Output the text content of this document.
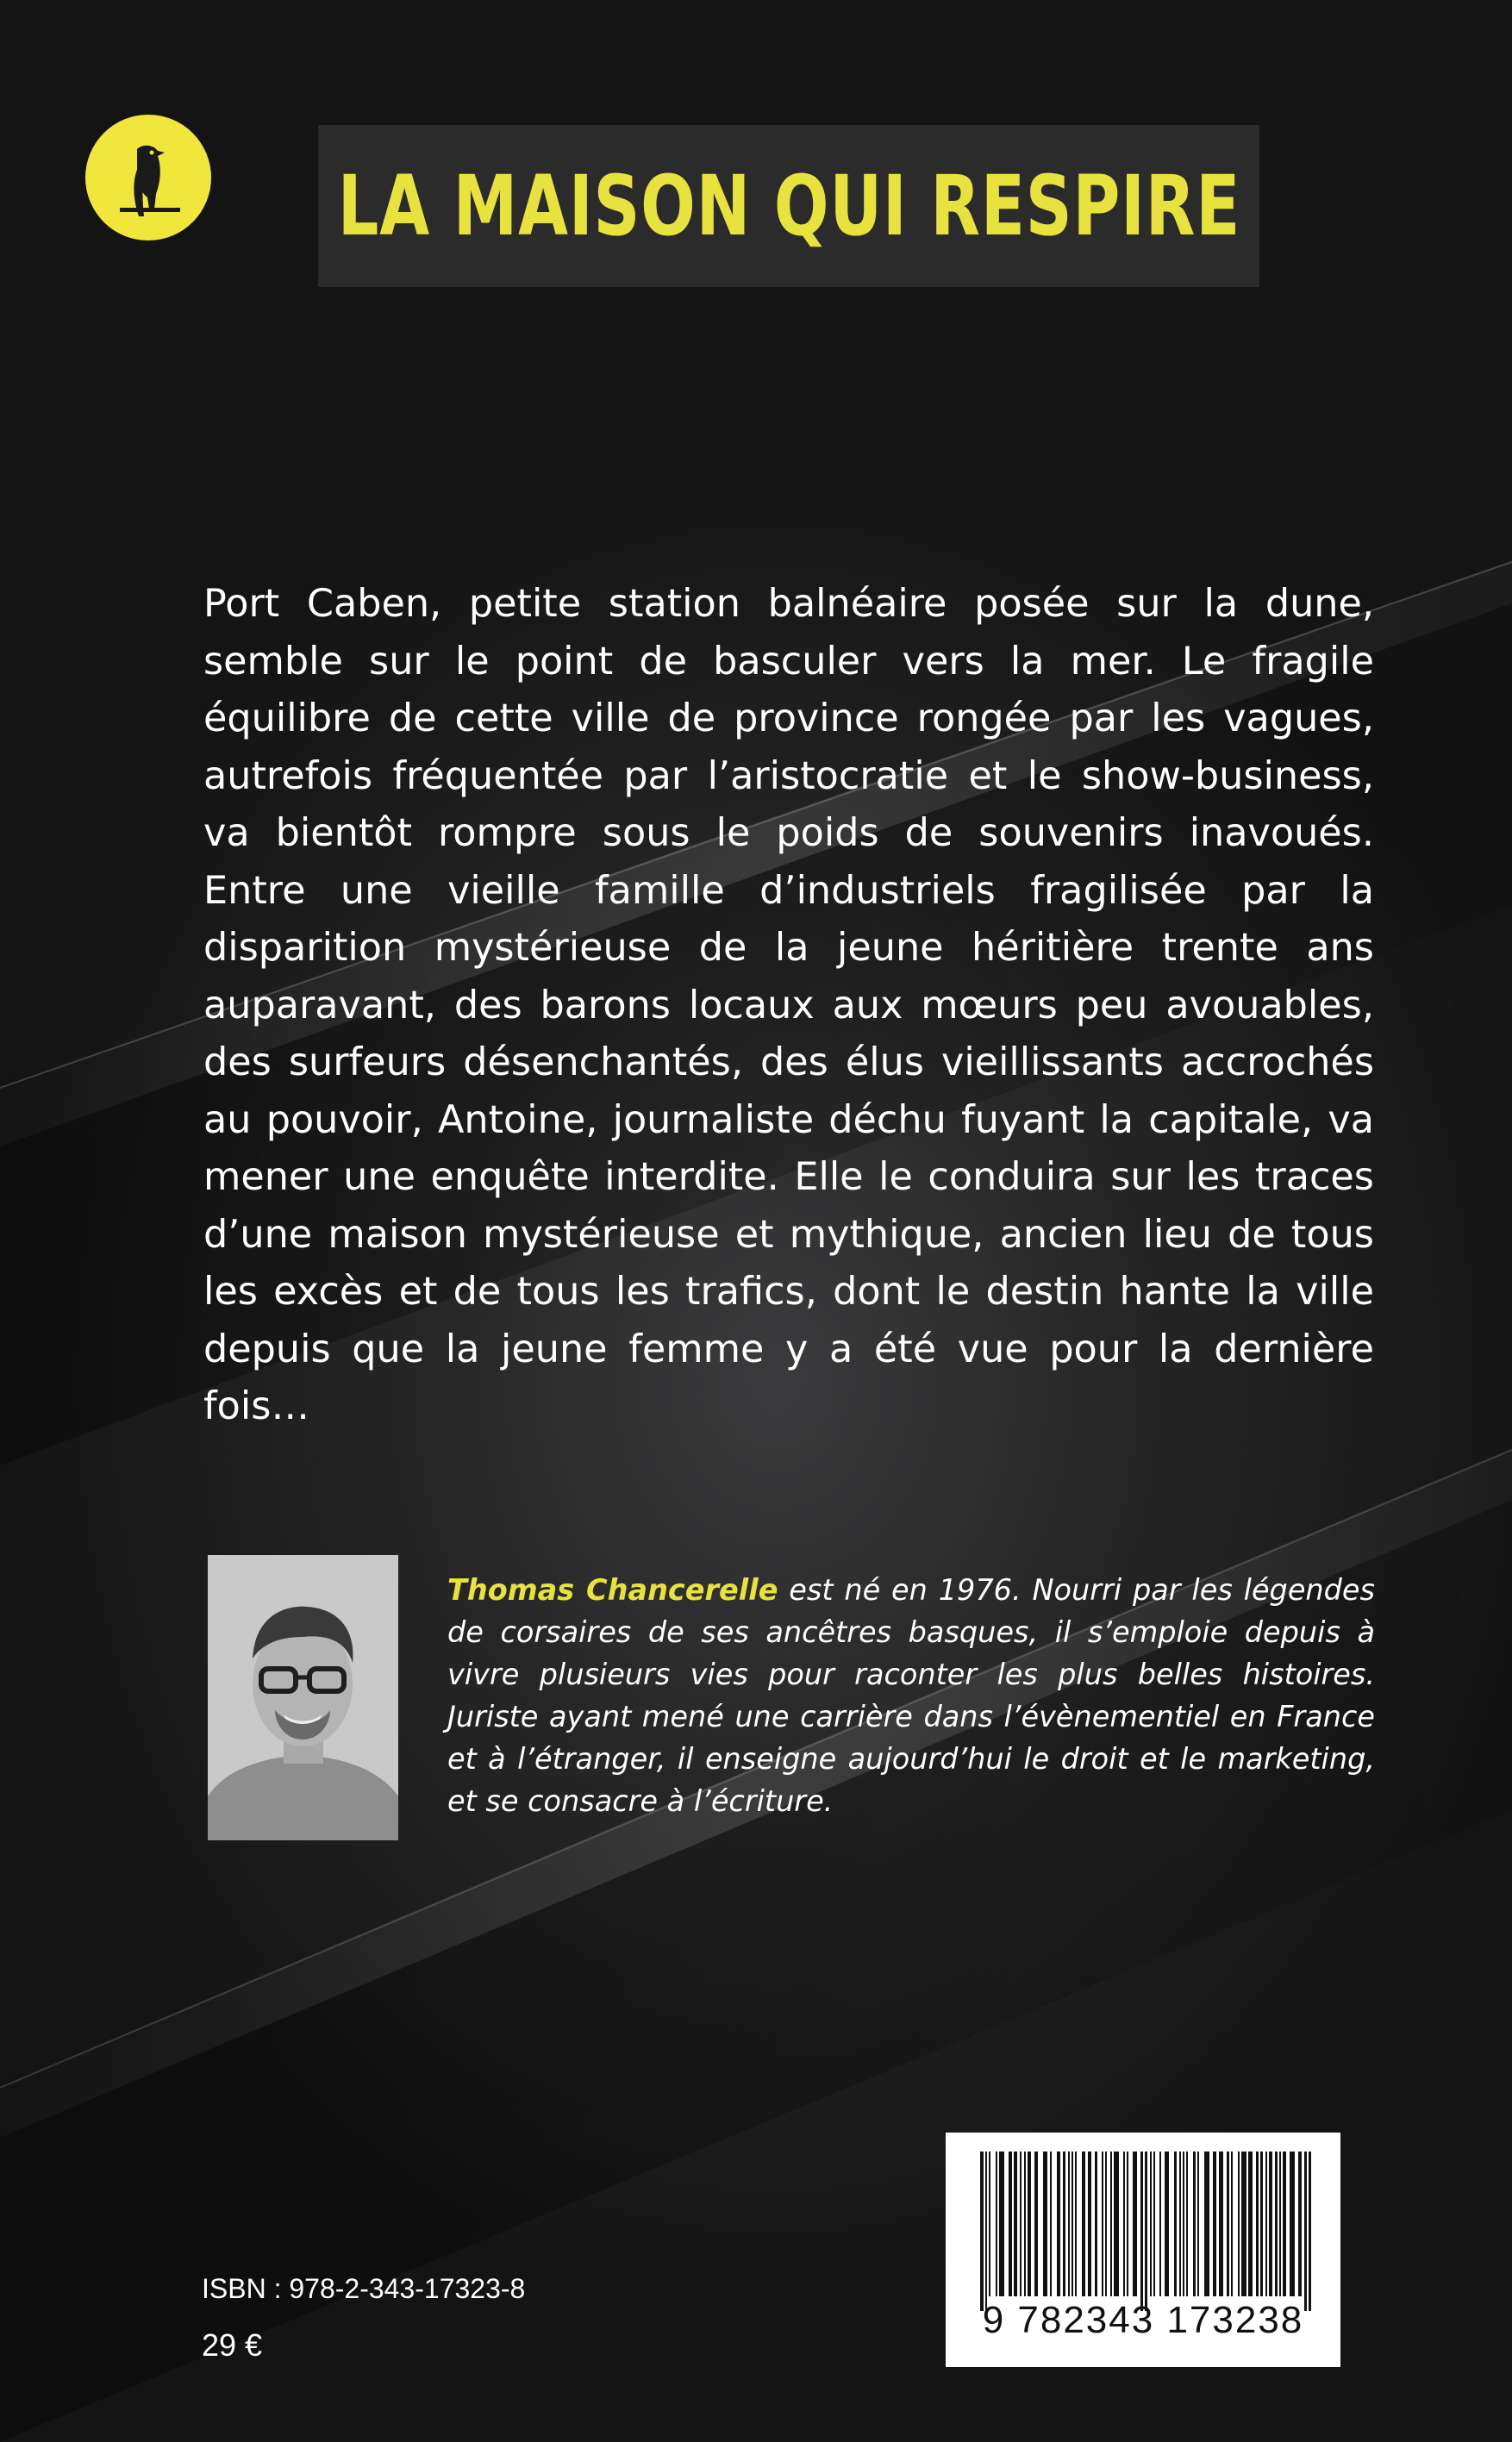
LA MAISON QUI RESPIRE

Port Caben, petite station balnéaire posée sur la dune, semble sur le point de basculer vers la mer. Le fragile équilibre de cette ville de province rongée par les vagues, autrefois fréquentée par l’aristocratie et le show-business, va bientôt rompre sous le poids de souvenirs inavoués. Entre une vieille famille d’industriels fragilisée par la disparition mystérieuse de la jeune héritière trente ans auparavant, des barons locaux aux mœurs peu avouables, des surfeurs désenchantés, des élus vieillissants accrochés au pouvoir, Antoine, journaliste déchu fuyant la capitale, va mener une enquête interdite. Elle le conduira sur les traces d’une maison mystérieuse et mythique, ancien lieu de tous les excès et de tous les trafics, dont le destin hante la ville depuis que la jeune femme y a été vue pour la dernière fois…

Thomas Chancerelle est né en 1976. Nourri par les légendes de corsaires de ses ancêtres basques, il s’emploie depuis à vivre plusieurs vies pour raconter les plus belles histoires. Juriste ayant mené une carrière dans l’évènementiel en France et à l’étranger, il enseigne aujourd’hui le droit et le marketing, et se consacre à l’écriture.

ISBN : 978-2-343-17323-8
29 €
9 782343 173238
